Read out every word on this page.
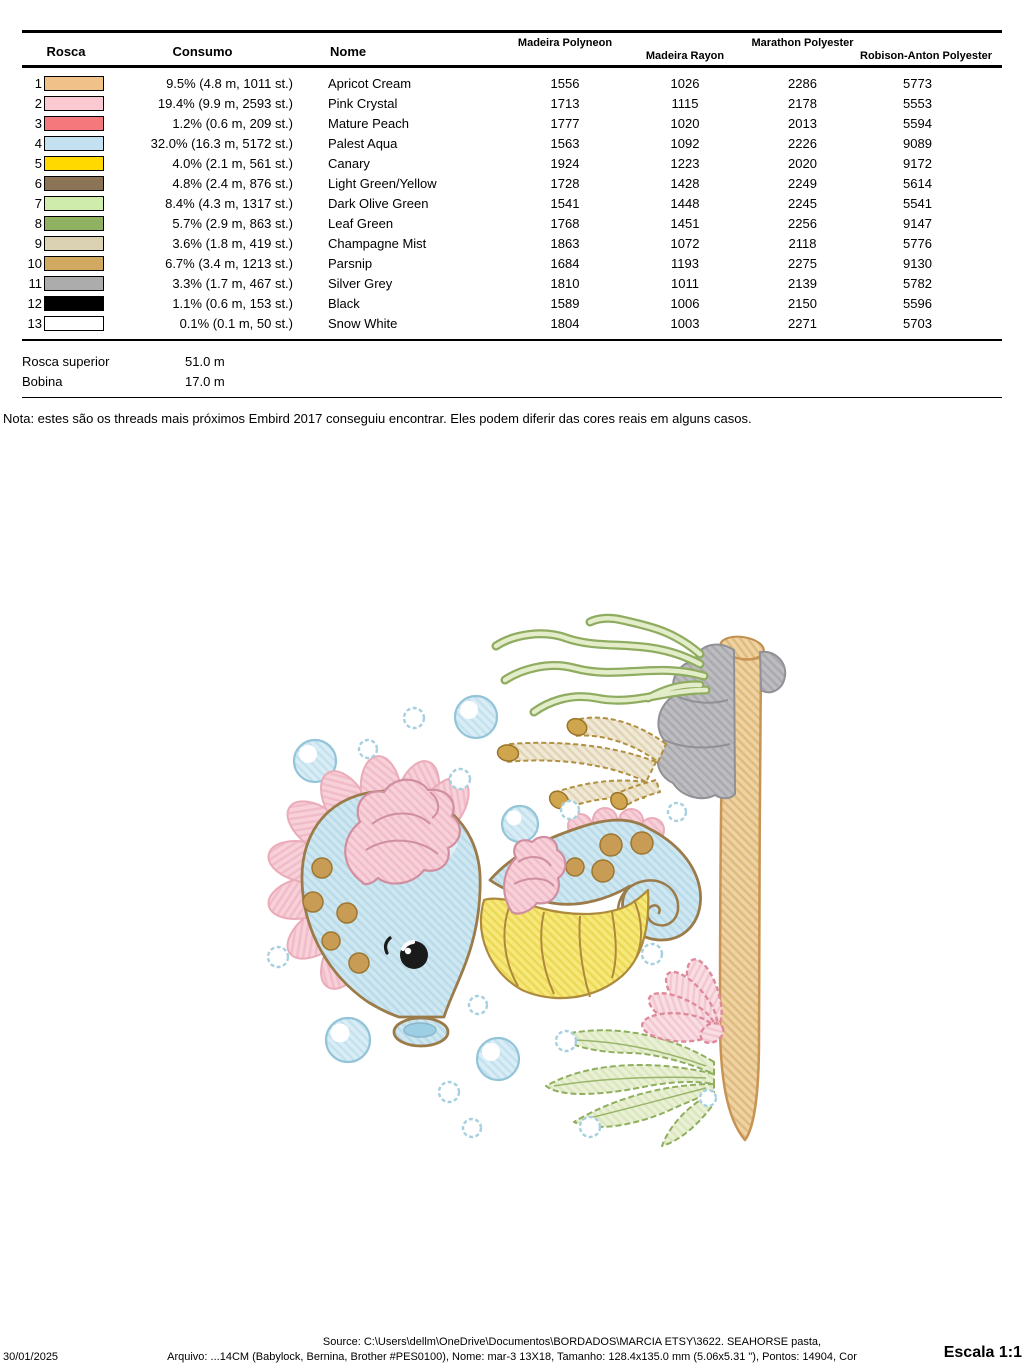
Rosca	Consumo	Nome
Madeira Polyneon
Madeira Rayon
Marathon Polyester
Robison-Anton Polyester
1	9.5% (4.8 m, 1011 st.)	Apricot Cream	1556	1026	2286	5773
2	19.4% (9.9 m, 2593 st.)	Pink Crystal	1713	1115	2178	5553
3	1.2% (0.6 m, 209 st.)	Mature Peach	1777	1020	2013	5594
4	32.0% (16.3 m, 5172 st.)	Palest Aqua	1563	1092	2226	9089
5	4.0% (2.1 m, 561 st.)	Canary	1924	1223	2020	9172
6	4.8% (2.4 m, 876 st.)	Light Green/Yellow	1728	1428	2249	5614
7	8.4% (4.3 m, 1317 st.)	Dark Olive Green	1541	1448	2245	5541
8	5.7% (2.9 m, 863 st.)	Leaf Green	1768	1451	2256	9147
9	3.6% (1.8 m, 419 st.)	Champagne Mist	1863	1072	2118	5776
10	6.7% (3.4 m, 1213 st.)	Parsnip	1684	1193	2275	9130
11	3.3% (1.7 m, 467 st.)	Silver Grey	1810	1011	2139	5782
12	1.1% (0.6 m, 153 st.)	Black	1589	1006	2150	5596
13	0.1% (0.1 m, 50 st.)	Snow White	1804	1003	2271	5703
Rosca superior	51.0 m
Bobina	17.0 m
Nota: estes são os threads mais próximos Embird 2017 conseguiu encontrar. Eles podem diferir das cores reais em alguns casos.
Source: C:\Users\dellm\OneDrive\Documentos\BORDADOS\MARCIA ETSY\3622. SEAHORSE pasta,
30/01/2025	Arquivo: ...14CM (Babylock, Bernina, Brother #PES0100), Nome: mar-3 13X18, Tamanho: 128.4x135.0 mm (5.06x5.31 "), Pontos: 14904, Cor	Escala 1:1
